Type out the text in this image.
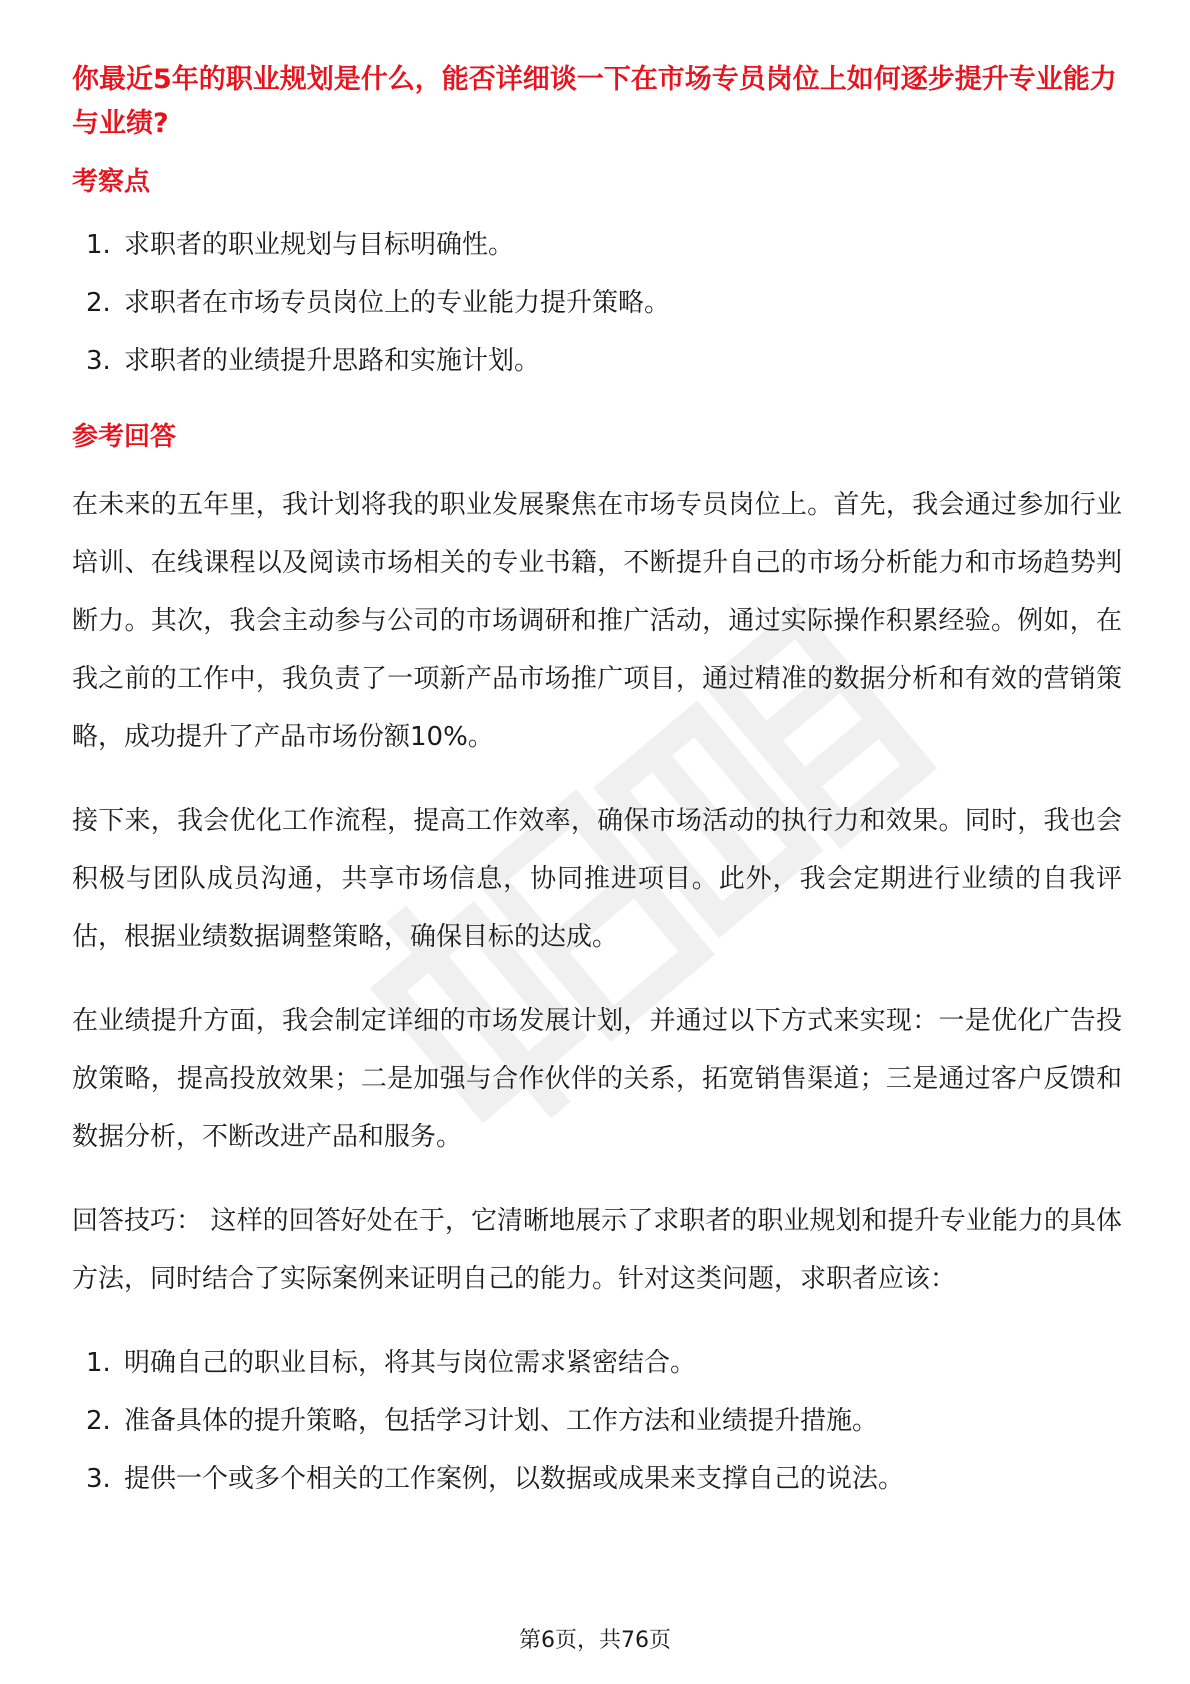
你最近5年的职业规划是什么，能否详细谈一下在市场专员岗位上如何逐步提升专业能力与业绩?
考察点
1. 求职者的职业规划与目标明确性。
2. 求职者在市场专员岗位上的专业能力提升策略。
3. 求职者的业绩提升思路和实施计划。
参考回答

在未来的五年里，我计划将我的职业发展聚焦在市场专员岗位上。首先，我会通过参加行业培训、在线课程以及阅读市场相关的专业书籍，不断提升自己的市场分析能力和市场趋势判断力。其次，我会主动参与公司的市场调研和推广活动，通过实际操作积累经验。例如，在我之前的工作中，我负责了一项新产品市场推广项目，通过精准的数据分析和有效的营销策略，成功提升了产品市场份额10%。

接下来，我会优化工作流程，提高工作效率，确保市场活动的执行力和效果。同时，我也会积极与团队成员沟通，共享市场信息，协同推进项目。此外，我会定期进行业绩的自我评估，根据业绩数据调整策略，确保目标的达成。

在业绩提升方面，我会制定详细的市场发展计划，并通过以下方式来实现：一是优化广告投放策略，提高投放效果；二是加强与合作伙伴的关系，拓宽销售渠道；三是通过客户反馈和数据分析，不断改进产品和服务。

回答技巧： 这样的回答好处在于，它清晰地展示了求职者的职业规划和提升专业能力的具体方法，同时结合了实际案例来证明自己的能力。针对这类问题，求职者应该：

1. 明确自己的职业目标，将其与岗位需求紧密结合。
2. 准备具体的提升策略，包括学习计划、工作方法和业绩提升措施。
3. 提供一个或多个相关的工作案例，以数据或成果来支撑自己的说法。
第6页，共76页
